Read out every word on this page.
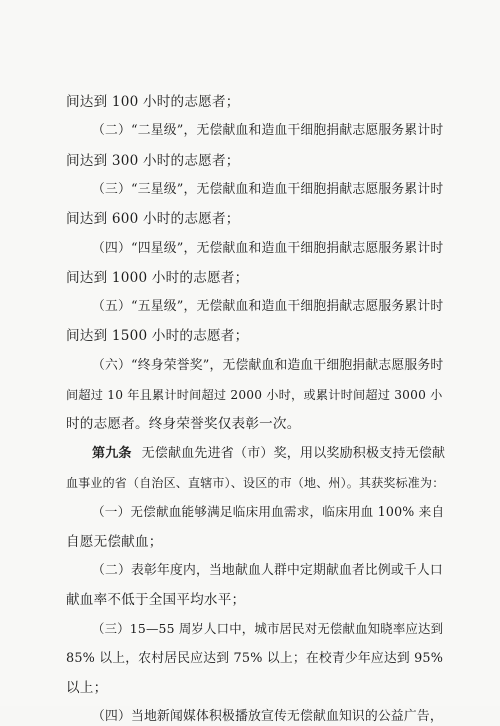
间达到 100 小时的志愿者；
（二）“二星级”，无偿献血和造血干细胞捐献志愿服务累计时
间达到 300 小时的志愿者；
（三）“三星级”，无偿献血和造血干细胞捐献志愿服务累计时
间达到 600 小时的志愿者；
（四）“四星级”，无偿献血和造血干细胞捐献志愿服务累计时
间达到 1000 小时的志愿者；
（五）“五星级”，无偿献血和造血干细胞捐献志愿服务累计时
间达到 1500 小时的志愿者；
（六）“终身荣誉奖”，无偿献血和造血干细胞捐献志愿服务时
间超过 10 年且累计时间超过 2000 小时，或累计时间超过 3000 小
时的志愿者。终身荣誉奖仅表彰一次。
第九条 无偿献血先进省（市）奖，用以奖励积极支持无偿献
血事业的省（自治区、直辖市）、设区的市（地、州）。其获奖标准为：
（一）无偿献血能够满足临床用血需求，临床用血 100% 来自
自愿无偿献血；
（二）表彰年度内，当地献血人群中定期献血者比例或千人口
献血率不低于全国平均水平；
（三）15—55 周岁人口中，城市居民对无偿献血知晓率应达到
85% 以上，农村居民应达到 75% 以上；在校青少年应达到 95%
以上；
（四）当地新闻媒体积极播放宣传无偿献血知识的公益广告，
